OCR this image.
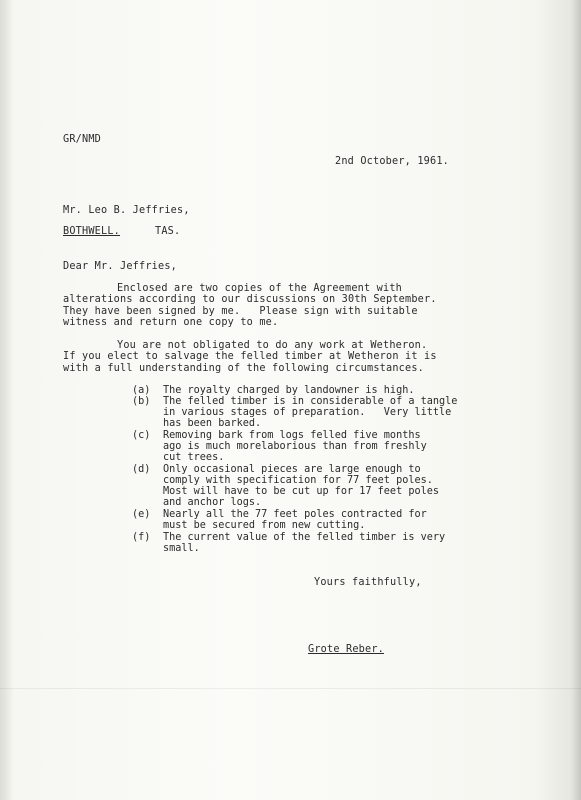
GR/NMD
2nd October, 1961.
Mr. Leo B. Jeffries,
BOTHWELL.	TAS.
Dear Mr. Jeffries,
Enclosed are two copies of the Agreement with
alterations according to our discussions on 30th September.
They have been signed by me.   Please sign with suitable
witness and return one copy to me.
You are not obligated to do any work at Wetheron.
If you elect to salvage the felled timber at Wetheron it is
with a full understanding of the following circumstances.
(a) The royalty charged by landowner is high.
(b) The felled timber is in considerable of a tangle
in various stages of preparation.   Very little
has been barked.
(c) Removing bark from logs felled five months
ago is much morelaborious than from freshly
cut trees.
(d) Only occasional pieces are large enough to
comply with specification for 77 feet poles.
Most will have to be cut up for 17 feet poles
and anchor logs.
(e) Nearly all the 77 feet poles contracted for
must be secured from new cutting.
(f) The current value of the felled timber is very
small.
Yours faithfully,
Grote Reber.
